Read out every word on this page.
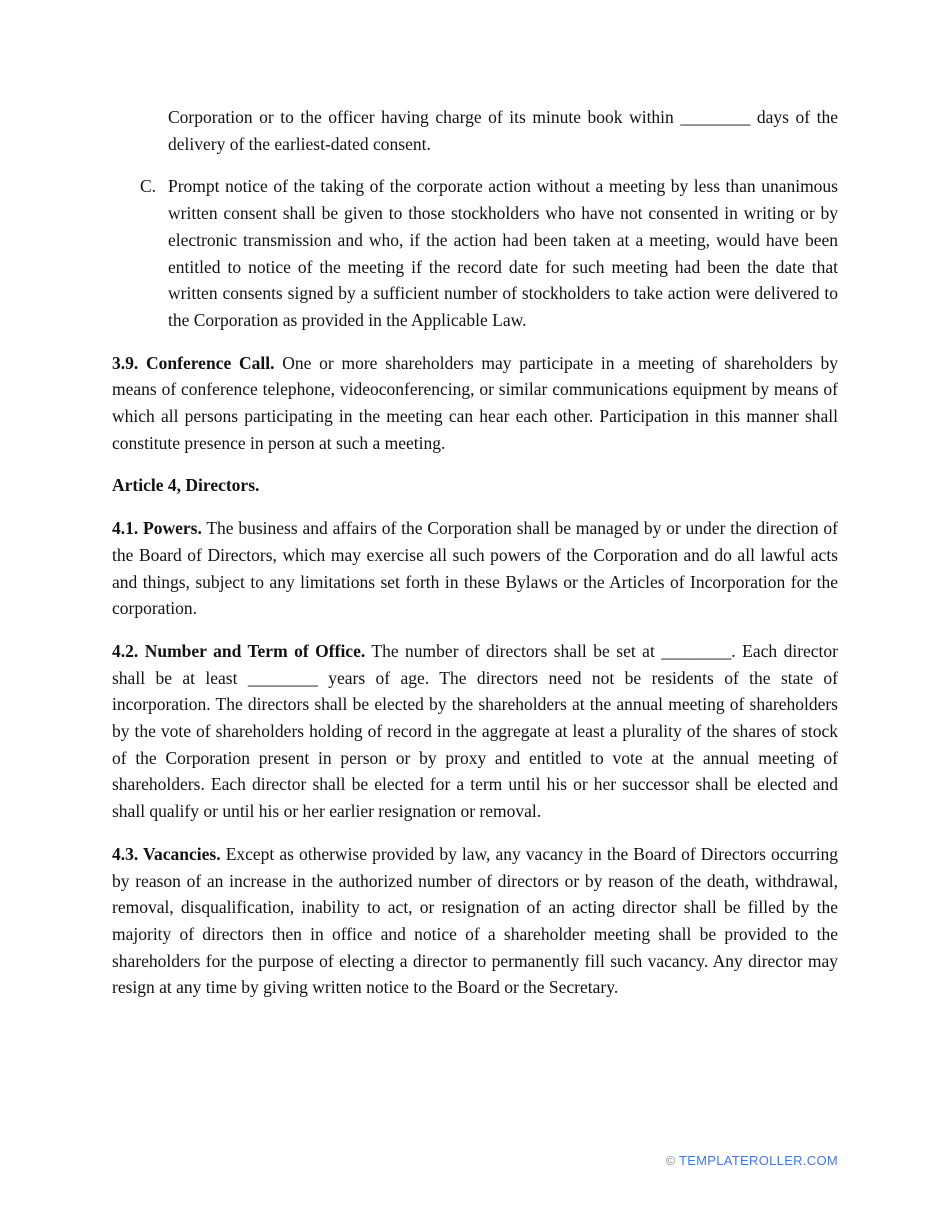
Corporation or to the officer having charge of its minute book within ________ days of the delivery of the earliest-dated consent.

C. Prompt notice of the taking of the corporate action without a meeting by less than unanimous written consent shall be given to those stockholders who have not consented in writing or by electronic transmission and who, if the action had been taken at a meeting, would have been entitled to notice of the meeting if the record date for such meeting had been the date that written consents signed by a sufficient number of stockholders to take action were delivered to the Corporation as provided in the Applicable Law.

3.9. Conference Call. One or more shareholders may participate in a meeting of shareholders by means of conference telephone, videoconferencing, or similar communications equipment by means of which all persons participating in the meeting can hear each other. Participation in this manner shall constitute presence in person at such a meeting.

Article 4, Directors.

4.1. Powers. The business and affairs of the Corporation shall be managed by or under the direction of the Board of Directors, which may exercise all such powers of the Corporation and do all lawful acts and things, subject to any limitations set forth in these Bylaws or the Articles of Incorporation for the corporation.

4.2. Number and Term of Office. The number of directors shall be set at ________. Each director shall be at least ________ years of age. The directors need not be residents of the state of incorporation. The directors shall be elected by the shareholders at the annual meeting of shareholders by the vote of shareholders holding of record in the aggregate at least a plurality of the shares of stock of the Corporation present in person or by proxy and entitled to vote at the annual meeting of shareholders. Each director shall be elected for a term until his or her successor shall be elected and shall qualify or until his or her earlier resignation or removal.

4.3. Vacancies. Except as otherwise provided by law, any vacancy in the Board of Directors occurring by reason of an increase in the authorized number of directors or by reason of the death, withdrawal, removal, disqualification, inability to act, or resignation of an acting director shall be filled by the majority of directors then in office and notice of a shareholder meeting shall be provided to the shareholders for the purpose of electing a director to permanently fill such vacancy. Any director may resign at any time by giving written notice to the Board or the Secretary.

© TEMPLATEROLLER.COM
